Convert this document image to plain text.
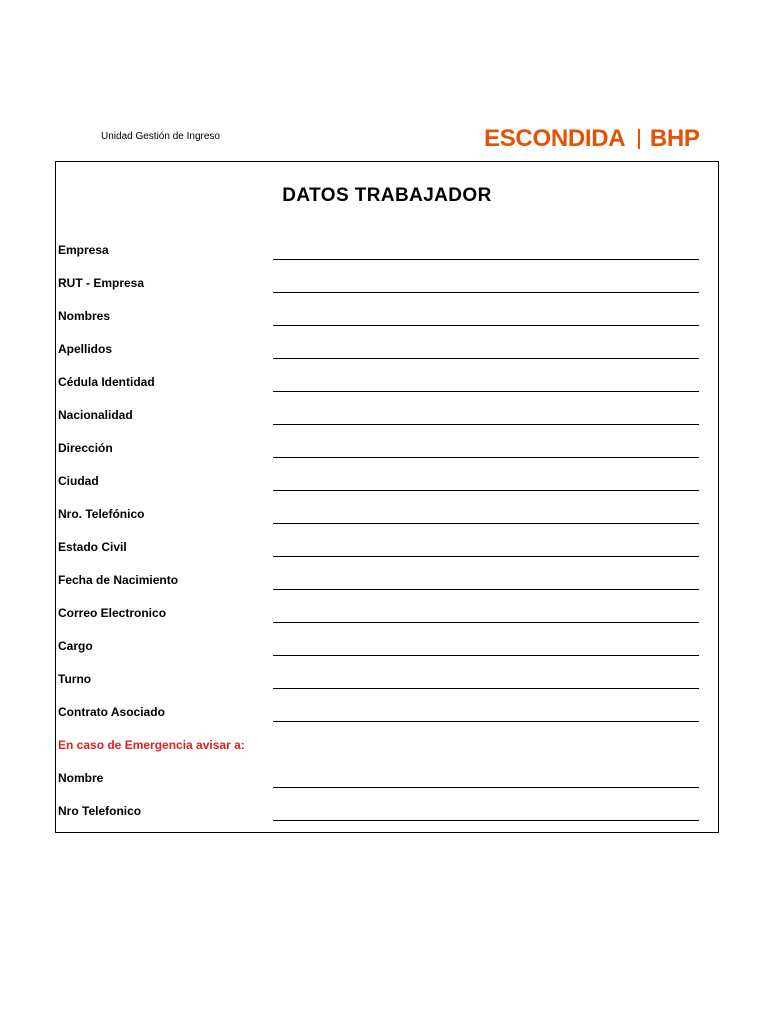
Unidad Gestión de Ingreso	ESCONDIDA BHP
DATOS TRABAJADOR
Empresa
RUT - Empresa
Nombres
Apellidos
Cédula Identidad
Nacionalidad
Dirección
Ciudad
Nro. Telefónico
Estado Civil
Fecha de Nacimiento
Correo Electronico
Cargo
Turno
Contrato Asociado
En caso de Emergencia avisar a:
Nombre
Nro Telefonico
